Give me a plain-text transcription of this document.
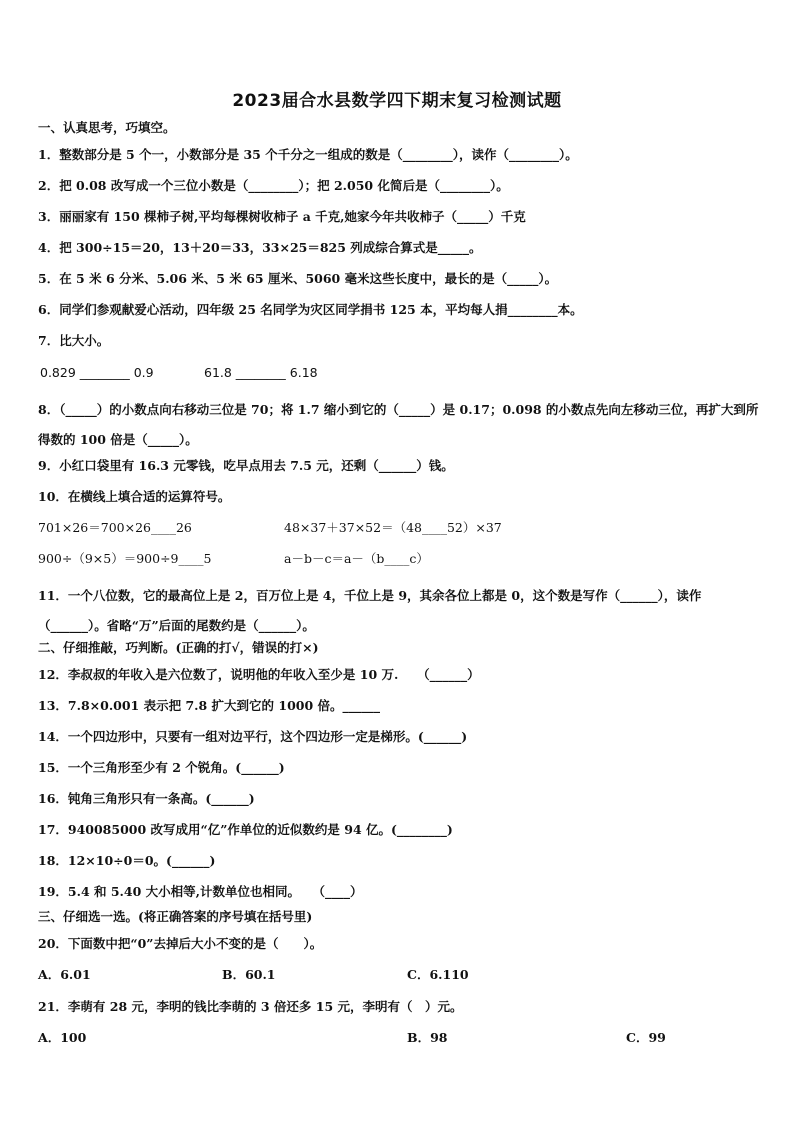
2023届合水县数学四下期末复习检测试题
一、认真思考，巧填空。
1．整数部分是 5 个一，小数部分是 35 个千分之一组成的数是（________），读作（________）。
2．把 0.08 改写成一个三位小数是（________）；把 2.050 化简后是（________）。
3．丽丽家有 150 棵柿子树,平均每棵树收柿子 a 千克,她家今年共收柿子（_____）千克
4．把 300÷15＝20，13＋20＝33，33×25＝825 列成综合算式是_____。
5．在 5 米 6 分米、5.06 米、5 米 65 厘米、5060 毫米这些长度中，最长的是（_____）。
6．同学们参观献爱心活动，四年级 25 名同学为灾区同学捐书 125 本，平均每人捐________本。
7．比大小。
0.829 ________ 0.9	61.8 ________ 6.18
8．（_____）的小数点向右移动三位是 70；将 1.7 缩小到它的（_____）是 0.17；0.098 的小数点先向左移动三位，再扩大到所得数的 100 倍是（_____）。
9．小红口袋里有 16.3 元零钱，吃早点用去 7.5 元，还剩（______）钱。
10．在横线上填合适的运算符号。
701×26＝700×26____26	48×37＋37×52＝（48____52）×37
900÷（9×5）＝900÷9____5	a－b－c＝a－（b____c）
11．一个八位数，它的最高位上是 2，百万位上是 4，千位上是 9，其余各位上都是 0，这个数是写作（______），读作（______）。省略“万”后面的尾数约是（______）。
二、仔细推敲，巧判断。(正确的打√，错误的打×)
12．李叔叔的年收入是六位数了，说明他的年收入至少是 10 万.　　（______）
13．7.8×0.001 表示把 7.8 扩大到它的 1000 倍。______
14．一个四边形中，只要有一组对边平行，这个四边形一定是梯形。(______)
15．一个三角形至少有 2 个锐角。(______)
16．钝角三角形只有一条高。(______)
17．940085000 改写成用“亿”作单位的近似数约是 94 亿。(________)
18．12×10÷0＝0。(______)
19．5.4 和 5.40 大小相等,计数单位也相同。　　（____）
三、仔细选一选。(将正确答案的序号填在括号里)
20．下面数中把“0”去掉后大小不变的是（　　）。
A．6.01	B．60.1	C．6.110
21．李萌有 28 元，李明的钱比李萌的 3 倍还多 15 元，李明有（　）元。
A．100	B．98	C．99
